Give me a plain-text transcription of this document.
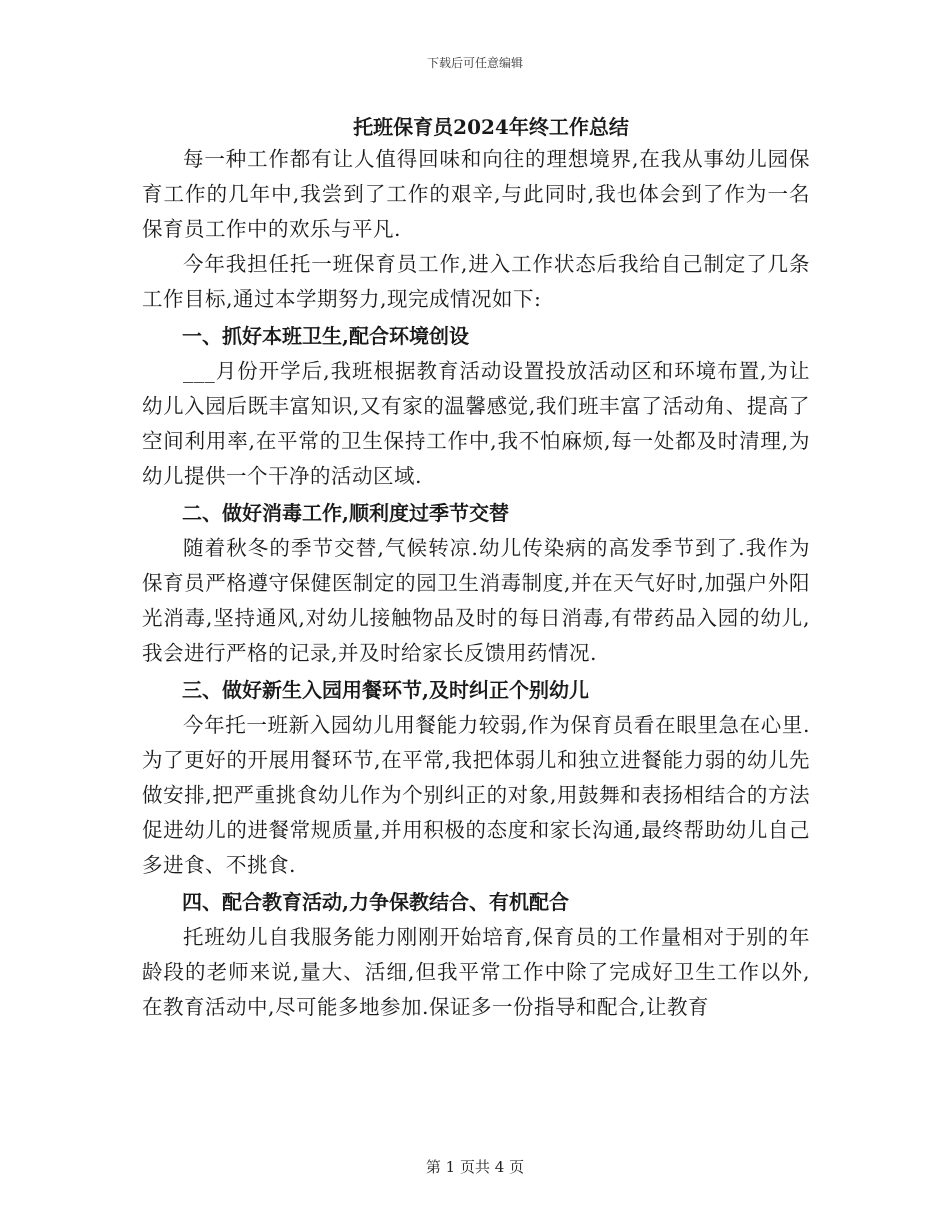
下载后可任意编辑
托班保育员2024年终工作总结

每一种工作都有让人值得回味和向往的理想境界,在我从事幼儿园保育工作的几年中,我尝到了工作的艰辛,与此同时,我也体会到了作为一名保育员工作中的欢乐与平凡.

今年我担任托一班保育员工作,进入工作状态后我给自己制定了几条工作目标,通过本学期努力,现完成情况如下:

一、抓好本班卫生,配合环境创设

___月份开学后,我班根据教育活动设置投放活动区和环境布置,为让幼儿入园后既丰富知识,又有家的温馨感觉,我们班丰富了活动角、提高了空间利用率,在平常的卫生保持工作中,我不怕麻烦,每一处都及时清理,为幼儿提供一个干净的活动区域.

二、做好消毒工作,顺利度过季节交替

随着秋冬的季节交替,气候转凉.幼儿传染病的高发季节到了.我作为保育员严格遵守保健医制定的园卫生消毒制度,并在天气好时,加强户外阳光消毒,坚持通风,对幼儿接触物品及时的每日消毒,有带药品入园的幼儿,我会进行严格的记录,并及时给家长反馈用药情况.

三、做好新生入园用餐环节,及时纠正个别幼儿

今年托一班新入园幼儿用餐能力较弱,作为保育员看在眼里急在心里.为了更好的开展用餐环节,在平常,我把体弱儿和独立进餐能力弱的幼儿先做安排,把严重挑食幼儿作为个别纠正的对象,用鼓舞和表扬相结合的方法促进幼儿的进餐常规质量,并用积极的态度和家长沟通,最终帮助幼儿自己多进食、不挑食.

四、配合教育活动,力争保教结合、有机配合

托班幼儿自我服务能力刚刚开始培育,保育员的工作量相对于别的年龄段的老师来说,量大、活细,但我平常工作中除了完成好卫生工作以外,在教育活动中,尽可能多地参加.保证多一份指导和配合,让教育

第 1 页共 4 页
